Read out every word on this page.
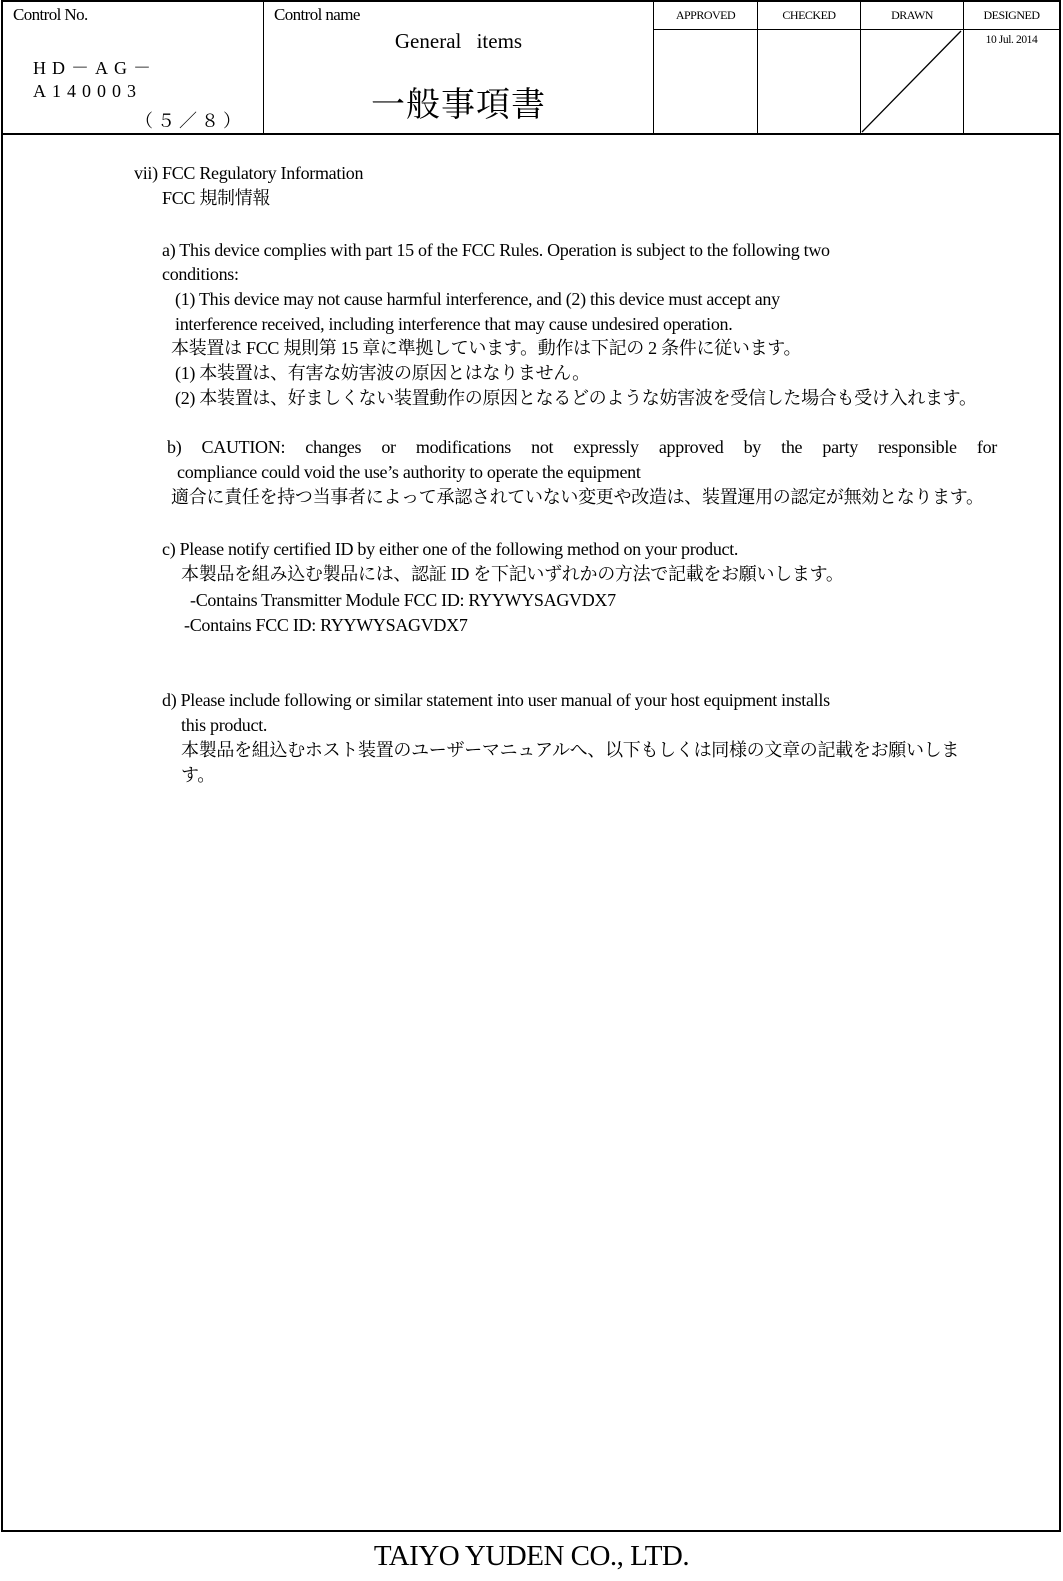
Control No.
HD－AG－
A140003
（５／８）
Control name
General items
一般事項書
APPROVED	CHECKED	DRAWN	DESIGNED
10 Jul. 2014
vii) FCC Regulatory Information
FCC 規制情報
a) This device complies with part 15 of the FCC Rules. Operation is subject to the following two
conditions:
(1) This device may not cause harmful interference, and (2) this device must accept any
interference received, including interference that may cause undesired operation.
本装置は FCC 規則第 15 章に準拠しています。動作は下記の 2 条件に従います。
(1) 本装置は、有害な妨害波の原因とはなりません。
(2) 本装置は、好ましくない装置動作の原因となるどのような妨害波を受信した場合も受け入れます。
b) CAUTION: changes or modifications not expressly approved by the party responsible for
compliance could void the use’s authority to operate the equipment
適合に責任を持つ当事者によって承認されていない変更や改造は、装置運用の認定が無効となります。
c) Please notify certified ID by either one of the following method on your product.
本製品を組み込む製品には、認証 ID を下記いずれかの方法で記載をお願いします。
-Contains Transmitter Module FCC ID: RYYWYSAGVDX7
-Contains FCC ID: RYYWYSAGVDX7
d) Please include following or similar statement into user manual of your host equipment installs
this product.
本製品を組込むホスト装置のユーザーマニュアルへ、以下もしくは同様の文章の記載をお願いしま
す。
TAIYO YUDEN CO., LTD.
